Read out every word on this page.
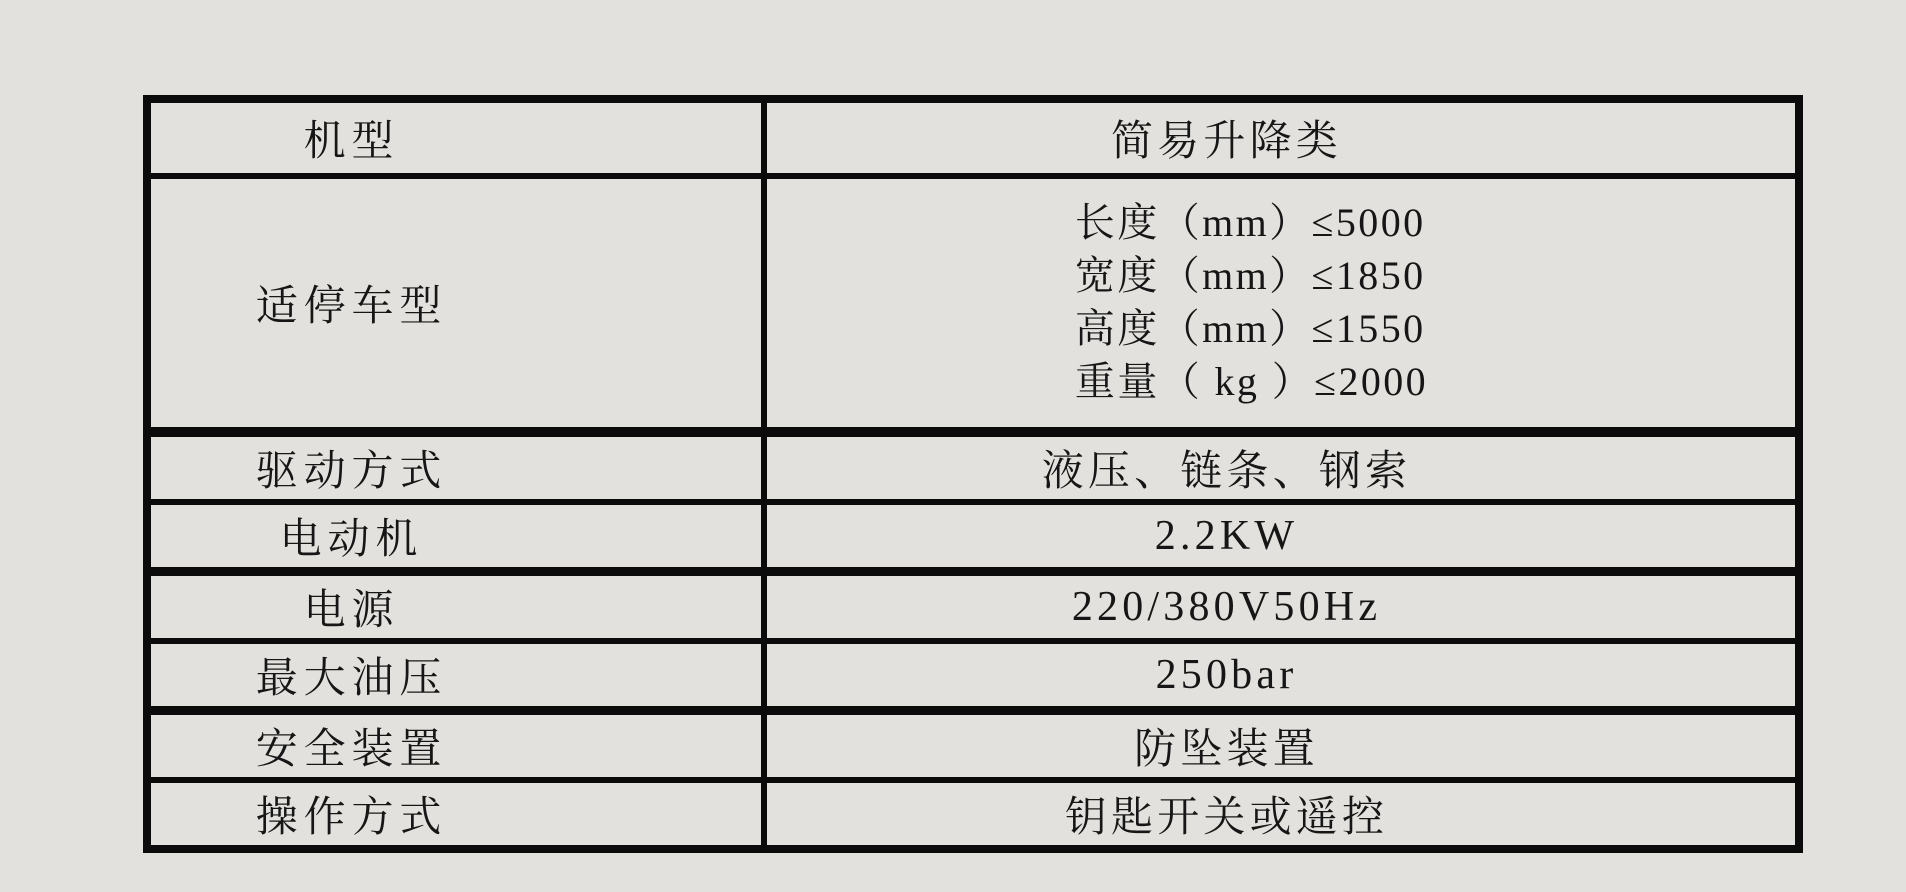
机型	简易升降类
适停车型	长度（mm）≤5000
宽度（mm）≤1850
高度（mm）≤1550
重量（ kg ）≤2000

驱动方式	液压、链条、钢索
电动机	2.2KW
电源	220/380V50Hz
最大油压	250bar
安全装置	防坠装置
操作方式	钥匙开关或遥控
